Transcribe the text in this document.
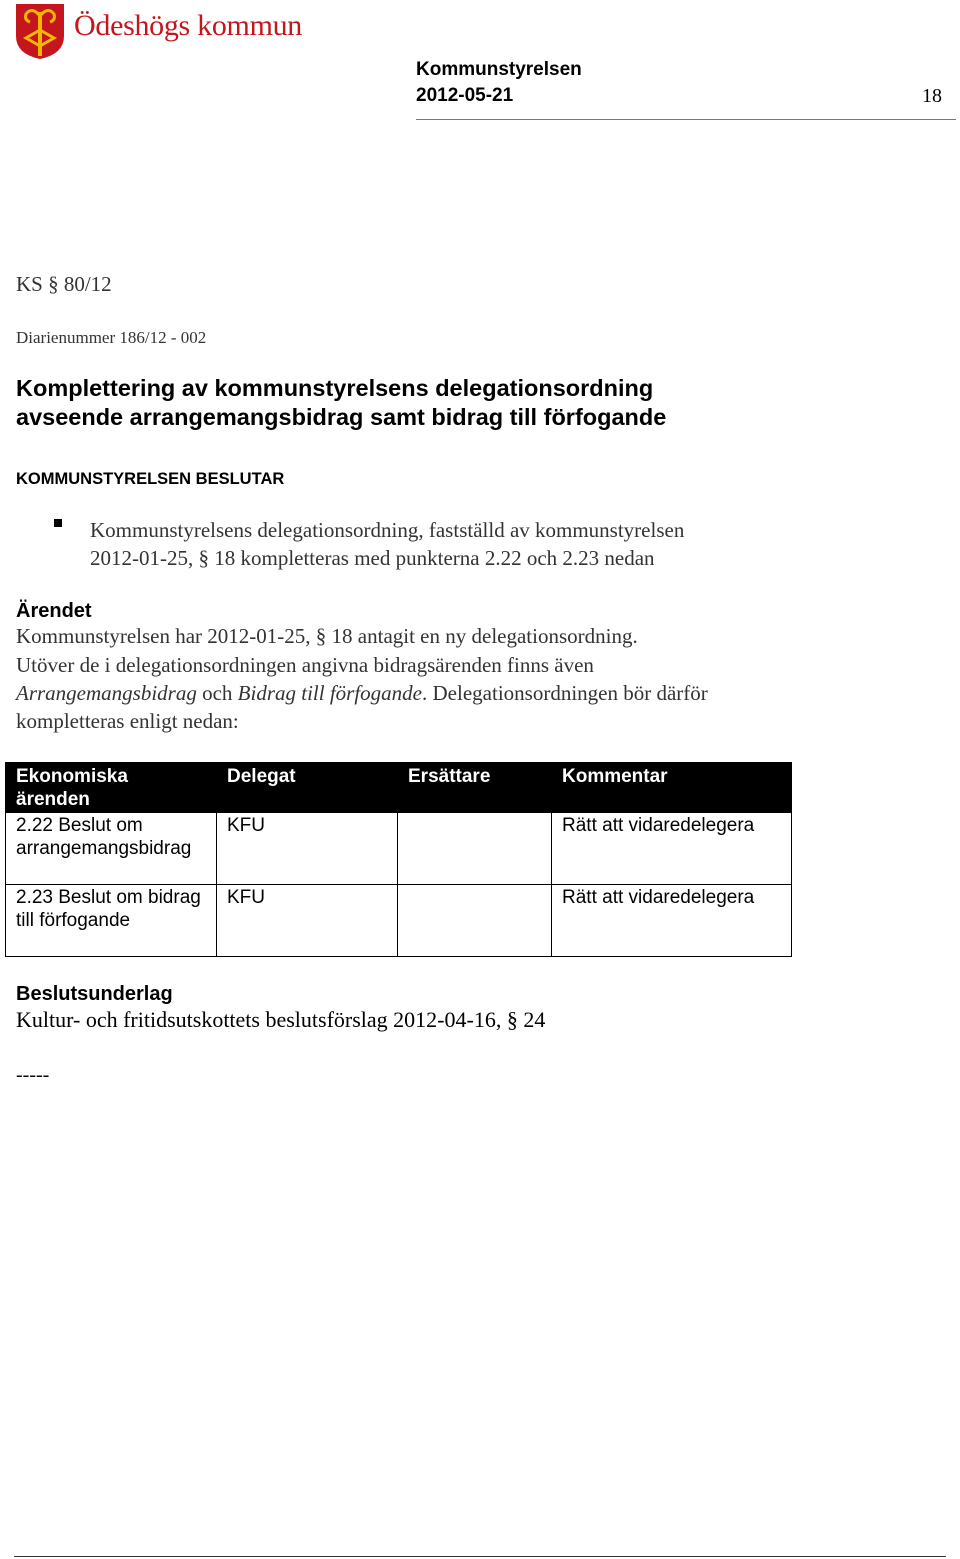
Ödeshögs kommun
Kommunstyrelsen
2012-05-21	18
KS § 80/12
Diarienummer 186/12 - 002
Komplettering av kommunstyrelsens delegationsordning
avseende arrangemangsbidrag samt bidrag till förfogande
KOMMUNSTYRELSEN BESLUTAR
Kommunstyrelsens delegationsordning, fastställd av kommunstyrelsen
2012-01-25, § 18 kompletteras med punkterna 2.22 och 2.23 nedan
Ärendet
Kommunstyrelsen har 2012-01-25, § 18 antagit en ny delegationsordning.
Utöver de i delegationsordningen angivna bidragsärenden finns även
Arrangemangsbidrag och Bidrag till förfogande. Delegationsordningen bör därför
kompletteras enligt nedan:
Ekonomiska ärenden	Delegat	Ersättare	Kommentar
2.22 Beslut om arrangemangsbidrag	KFU		Rätt att vidaredelegera
2.23 Beslut om bidrag till förfogande	KFU		Rätt att vidaredelegera
Beslutsunderlag
Kultur- och fritidsutskottets beslutsförslag 2012-04-16, § 24
-----
